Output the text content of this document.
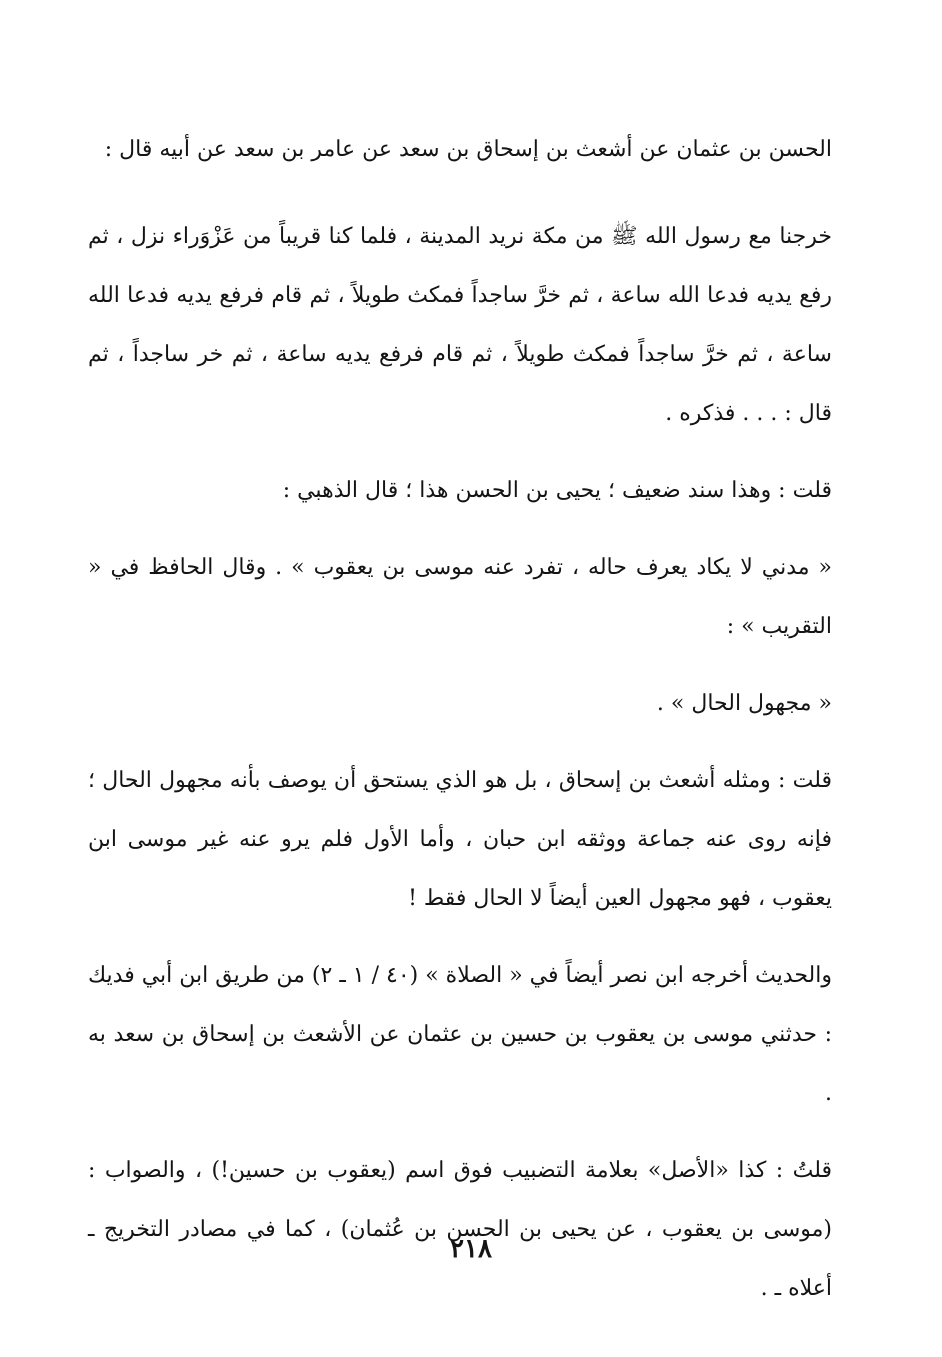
الحسن بن عثمان عن أشعث بن إسحاق بن سعد عن عامر بن سعد عن أبيه قال :

خرجنا مع رسول الله ﷺ من مكة نريد المدينة ، فلما كنا قريباً من عَزْوَراء نزل ، ثم رفع يديه فدعا الله ساعة ، ثم خرَّ ساجداً فمكث طويلاً ، ثم قام فرفع يديه فدعا الله ساعة ، ثم خرَّ ساجداً فمكث طويلاً ، ثم قام فرفع يديه ساعة ، ثم خر ساجداً ، ثم قال : . . . فذكره .

قلت : وهذا سند ضعيف ؛ يحيى بن الحسن هذا ؛ قال الذهبي :

« مدني لا يكاد يعرف حاله ، تفرد عنه موسى بن يعقوب » . وقال الحافظ في « التقريب » :

« مجهول الحال » .

قلت : ومثله أشعث بن إسحاق ، بل هو الذي يستحق أن يوصف بأنه مجهول الحال ؛ فإنه روى عنه جماعة ووثقه ابن حبان ، وأما الأول فلم يرو عنه غير موسى ابن يعقوب ، فهو مجهول العين أيضاً لا الحال فقط !

والحديث أخرجه ابن نصر أيضاً في « الصلاة » (٤٠ / ١ ـ ٢) من طريق ابن أبي فديك : حدثني موسى بن يعقوب بن حسين بن عثمان عن الأشعث بن إسحاق بن سعد به .

قلتُ : كذا «الأصل» بعلامة التضبيب فوق اسم (يعقوب بن حسين!) ، والصواب : (موسى بن يعقوب ، عن يحيى بن الحسن بن عُثمان) ، كما في مصادر التخريج ـ أعلاه ـ .

٢١٨
